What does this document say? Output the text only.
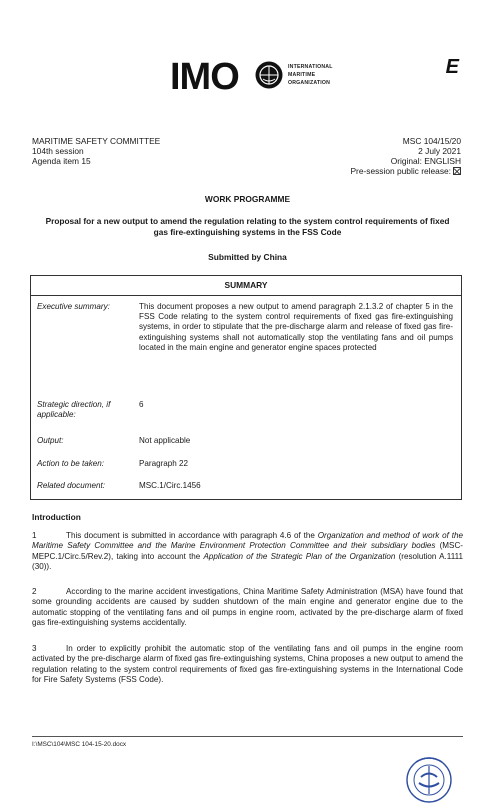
IMO	INTERNATIONAL
MARITIME
ORGANIZATION
E
MARITIME SAFETY COMMITTEE
104th session
Agenda item 15
MSC 104/15/20
2 July 2021
Original: ENGLISH
Pre-session public release:
WORK PROGRAMME
Proposal for a new output to amend the regulation relating to the system control requirements of fixed gas fire-extinguishing systems in the FSS Code
Submitted by China
SUMMARY
Executive summary:	This document proposes a new output to amend paragraph 2.1.3.2 of chapter 5 in the FSS Code relating to the system control requirements of fixed gas fire-extinguishing systems, in order to stipulate that the pre-discharge alarm and release of fixed gas fire-extinguishing systems shall not automatically stop the ventilating fans and oil pumps located in the main engine and generator engine spaces protected
Strategic direction, if applicable:
6
Output:	Not applicable
Action to be taken:	Paragraph 22
Related document:	MSC.1/Circ.1456
Introduction
1	This document is submitted in accordance with paragraph 4.6 of the Organization and method of work of the Maritime Safety Committee and the Marine Environment Protection Committee and their subsidiary bodies (MSC-MEPC.1/Circ.5/Rev.2), taking into account the Application of the Strategic Plan of the Organization (resolution A.1111 (30)).
2	According to the marine accident investigations, China Maritime Safety Administration (MSA) have found that some grounding accidents are caused by sudden shutdown of the main engine and generator engine due to the automatic stopping of the ventilating fans and oil pumps in engine room, activated by the pre-discharge alarm of fixed gas fire-extinguishing systems accidentally.
3	In order to explicitly prohibit the automatic stop of the ventilating fans and oil pumps in the engine room activated by the pre-discharge alarm of fixed gas fire-extinguishing systems, China proposes a new output to amend the regulation relating to the system control requirements of fixed gas fire-extinguishing systems in the International Code for Fire Safety Systems (FSS Code).
I:\MSC\104\MSC 104-15-20.docx
